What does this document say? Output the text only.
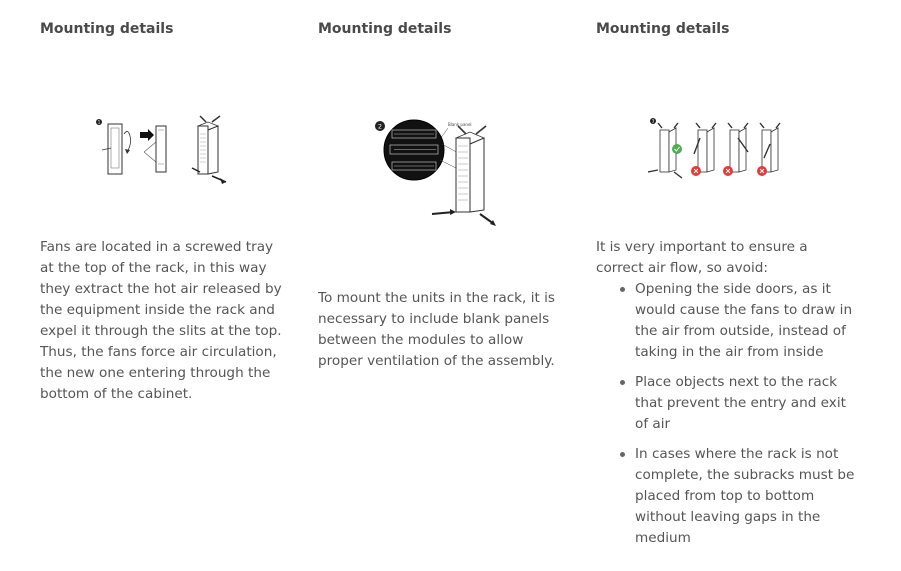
Mounting details
1

Fans are located in a screwed tray at the top of the rack, in this way they extract the hot air released by the equipment inside the rack and expel it through the slits at the top. Thus, the fans force air circulation, the new one entering through the bottom of the cabinet.

Mounting details
2	Blank panel

To mount the units in the rack, it is necessary to include blank panels between the modules to allow proper ventilation of the assembly.

Mounting details
3

It is very important to ensure a correct air flow, so avoid:

Opening the side doors, as it would cause the fans to draw in the air from outside, instead of taking in the air from inside
Place objects next to the rack that prevent the entry and exit of air
In cases where the rack is not complete, the subracks must be placed from top to bottom without leaving gaps in the medium
